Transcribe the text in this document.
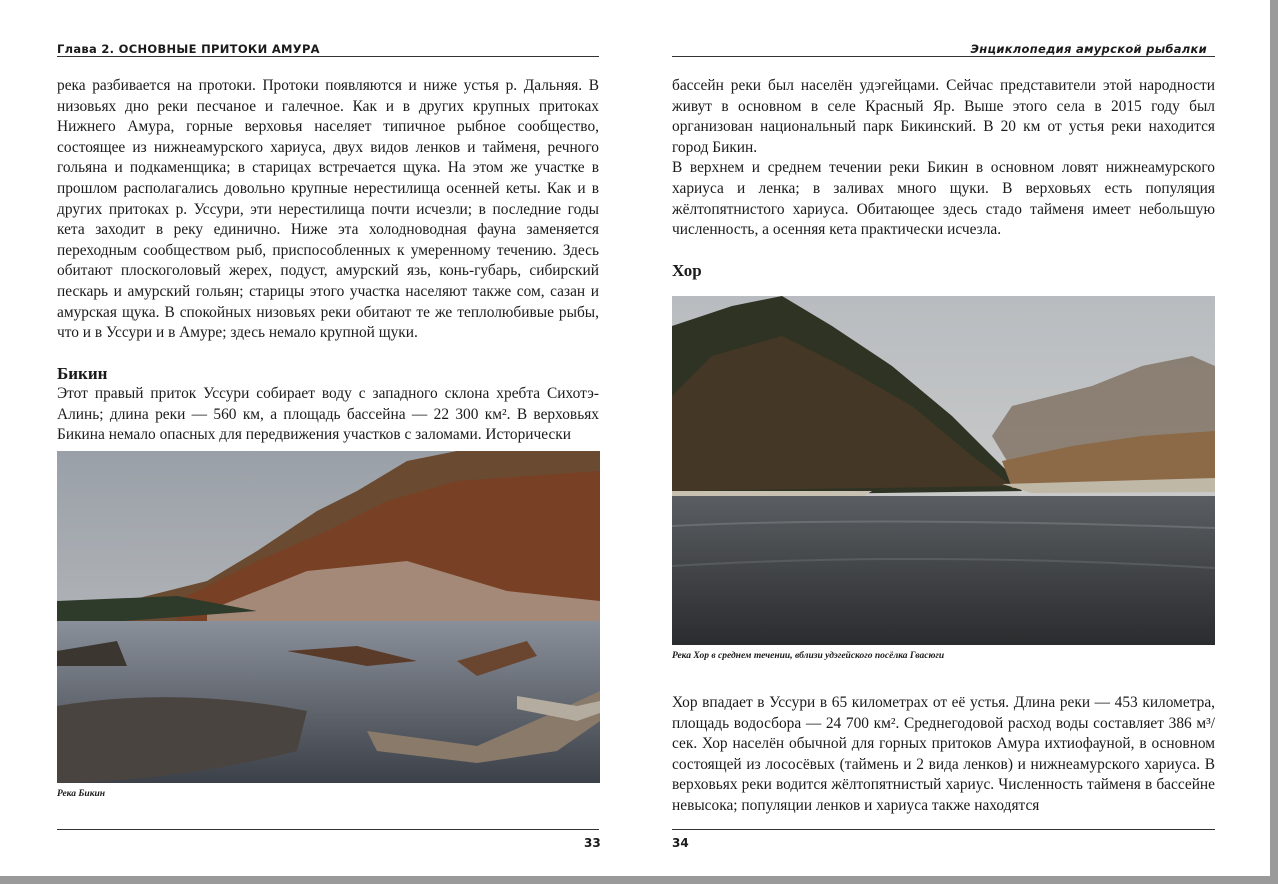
Глава 2. ОСНОВНЫЕ ПРИТОКИ АМУРА

река разбивается на протоки. Протоки появляются и ниже устья р. Дальняя. В низовьях дно реки песчаное и галечное. Как и в других крупных притоках Нижнего Амура, горные верховья населяет типичное рыбное сообщество, состоящее из нижнеамурского хариуса, двух видов ленков и тайменя, речного гольяна и подкаменщика; в старицах встречается щука. На этом же участке в прошлом располагались довольно крупные нерестилища осенней кеты. Как и в других притоках р. Уссури, эти нерестилища почти исчезли; в последние годы кета заходит в реку единично. Ниже эта холодноводная фауна заменяется переходным сообществом рыб, приспособленных к умеренному течению. Здесь обитают плоскоголовый жерех, подуст, амурский язь, конь-губарь, сибирский пескарь и амурский гольян; старицы этого участка населяют также сом, сазан и амурская щука. В спокойных низовьях реки обитают те же теплолюбивые рыбы, что и в Уссури и в Амуре; здесь немало крупной щуки.

Бикин

Этот правый приток Уссури собирает воду с западного склона хребта Сихотэ-Алинь; длина реки — 560 км, а площадь бассейна — 22 300 км². В верховьях Бикина немало опасных для передвижения участков с заломами. Исторически

Река Бикин
33
Энциклопедия амурской рыбалки

бассейн реки был населён удэгейцами. Сейчас представители этой народности живут в основном в селе Красный Яр. Выше этого села в 2015 году был организован национальный парк Бикинский. В 20 км от устья реки находится город Бикин.

В верхнем и среднем течении реки Бикин в основном ловят нижнеамурского хариуса и ленка; в заливах много щуки. В верховьях есть популяция жёлтопятнистого хариуса. Обитающее здесь стадо тайменя имеет небольшую численность, а осенняя кета практически исчезла.

Хор
Река Хор в среднем течении, вблизи удэгейского посёлка Гвасюги

Хор впадает в Уссури в 65 километрах от её устья. Длина реки — 453 километра, площадь водосбора — 24 700 км². Среднегодовой расход воды составляет 386 м³/сек. Хор населён обычной для горных притоков Амура ихтиофауной, в основном состоящей из лососёвых (таймень и 2 вида ленков) и нижнеамурского хариуса. В верховьях реки водится жёлтопятнистый хариус. Численность тайменя в бассейне невысока; популяции ленков и хариуса также находятся

34
